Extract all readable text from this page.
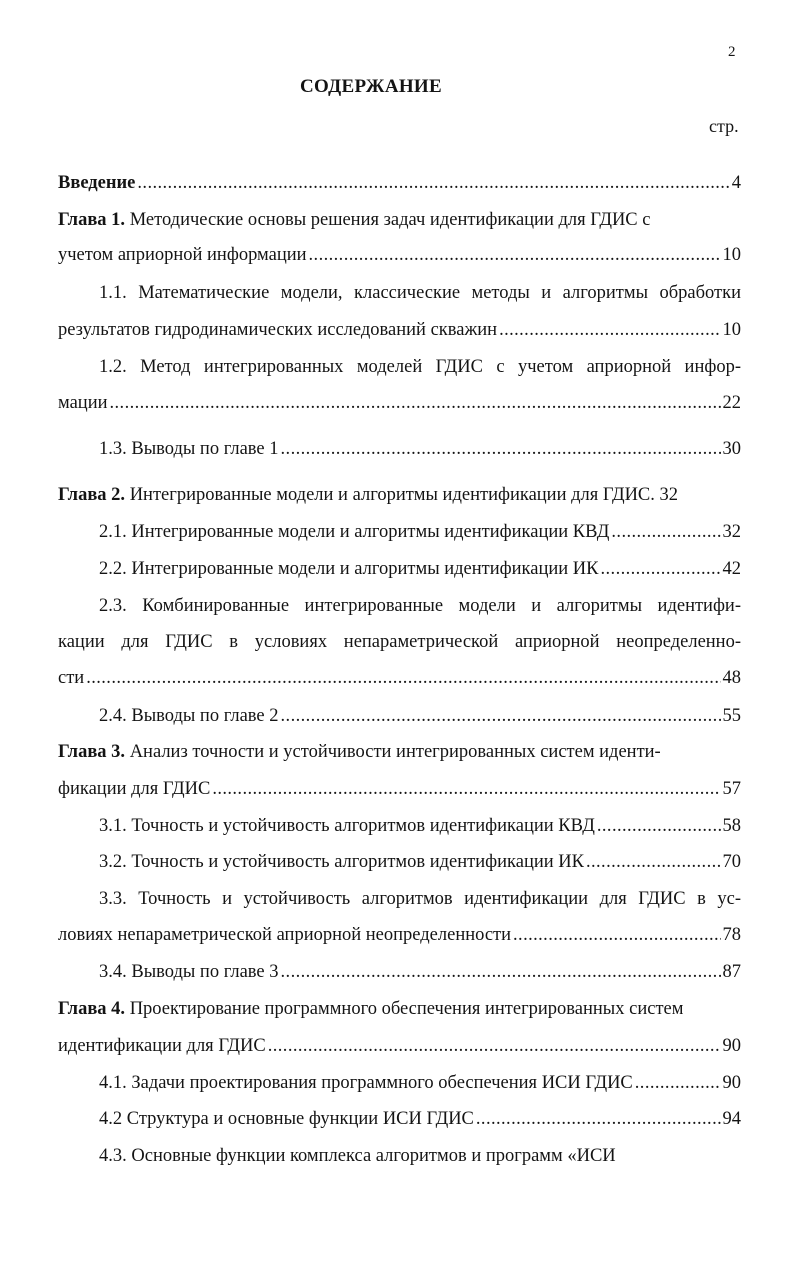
2
СОДЕРЖАНИЕ
стр.
Введение .....	4
Глава 1. Методические основы решения задач идентификации для ГДИС с
учетом априорной информации .....	10
1.1. Математические модели, классические методы и алгоритмы обработки
результатов гидродинамических исследований скважин .....	10
1.2. Метод интегрированных моделей ГДИС с учетом априорной инфор-
мации .....	22
1.3. Выводы по главе 1 .....	30
Глава 2. Интегрированные модели и алгоритмы идентификации для ГДИС. 32
2.1. Интегрированные модели и алгоритмы идентификации КВД .....	32
2.2. Интегрированные модели и алгоритмы идентификации ИК .....	42
2.3. Комбинированные интегрированные модели и алгоритмы идентифи-
кации для ГДИС в условиях непараметрической априорной неопределенно-
сти .....	48
2.4. Выводы по главе 2 .....	55
Глава 3. Анализ точности и устойчивости интегрированных систем иденти-
фикации для ГДИС .....	57
3.1. Точность и устойчивость алгоритмов идентификации КВД .....	58
3.2. Точность и устойчивость алгоритмов идентификации ИК .....	70
3.3. Точность и устойчивость алгоритмов идентификации для ГДИС в ус-
ловиях непараметрической априорной неопределенности .....	78
3.4. Выводы по главе 3 .....	87
Глава 4. Проектирование программного обеспечения интегрированных систем
идентификации для ГДИС .....	90
4.1. Задачи проектирования программного обеспечения ИСИ ГДИС .....	90
4.2 Структура и основные функции ИСИ ГДИС .....	94
4.3. Основные функции комплекса алгоритмов и программ «ИСИ
